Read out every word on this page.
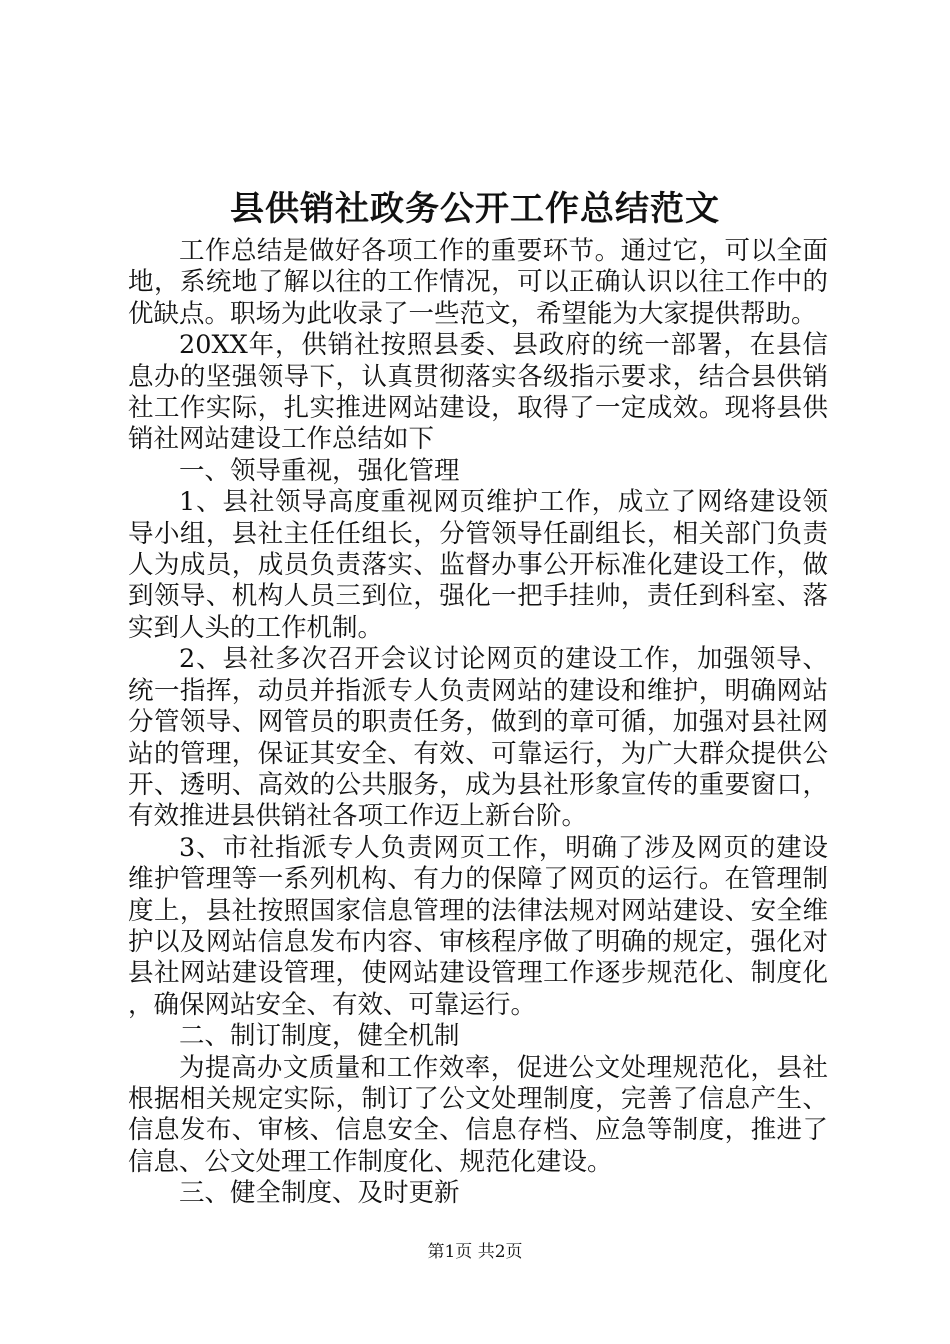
县供销社政务公开工作总结范文

工作总结是做好各项工作的重要环节。通过它，可以全面地，系统地了解以往的工作情况，可以正确认识以往工作中的优缺点。职场为此收录了一些范文，希望能为大家提供帮助。

20XX年，供销社按照县委、县政府的统一部署，在县信息办的坚强领导下，认真贯彻落实各级指示要求，结合县供销社工作实际，扎实推进网站建设，取得了一定成效。现将县供销社网站建设工作总结如下

一、领导重视，强化管理

1、县社领导高度重视网页维护工作，成立了网络建设领导小组，县社主任任组长，分管领导任副组长，相关部门负责人为成员，成员负责落实、监督办事公开标准化建设工作，做到领导、机构人员三到位，强化一把手挂帅，责任到科室、落实到人头的工作机制。

2、县社多次召开会议讨论网页的建设工作，加强领导、统一指挥，动员并指派专人负责网站的建设和维护，明确网站分管领导、网管员的职责任务，做到的章可循，加强对县社网站的管理，保证其安全、有效、可靠运行，为广大群众提供公开、透明、高效的公共服务，成为县社形象宣传的重要窗口，有效推进县供销社各项工作迈上新台阶。

3、市社指派专人负责网页工作，明确了涉及网页的建设维护管理等一系列机构、有力的保障了网页的运行。在管理制度上，县社按照国家信息管理的法律法规对网站建设、安全维护以及网站信息发布内容、审核程序做了明确的规定，强化对县社网站建设管理，使网站建设管理工作逐步规范化、制度化，确保网站安全、有效、可靠运行。

二、制订制度，健全机制

为提高办文质量和工作效率，促进公文处理规范化，县社根据相关规定实际，制订了公文处理制度，完善了信息产生、信息发布、审核、信息安全、信息存档、应急等制度，推进了信息、公文处理工作制度化、规范化建设。

三、健全制度、及时更新

第1页 共2页
